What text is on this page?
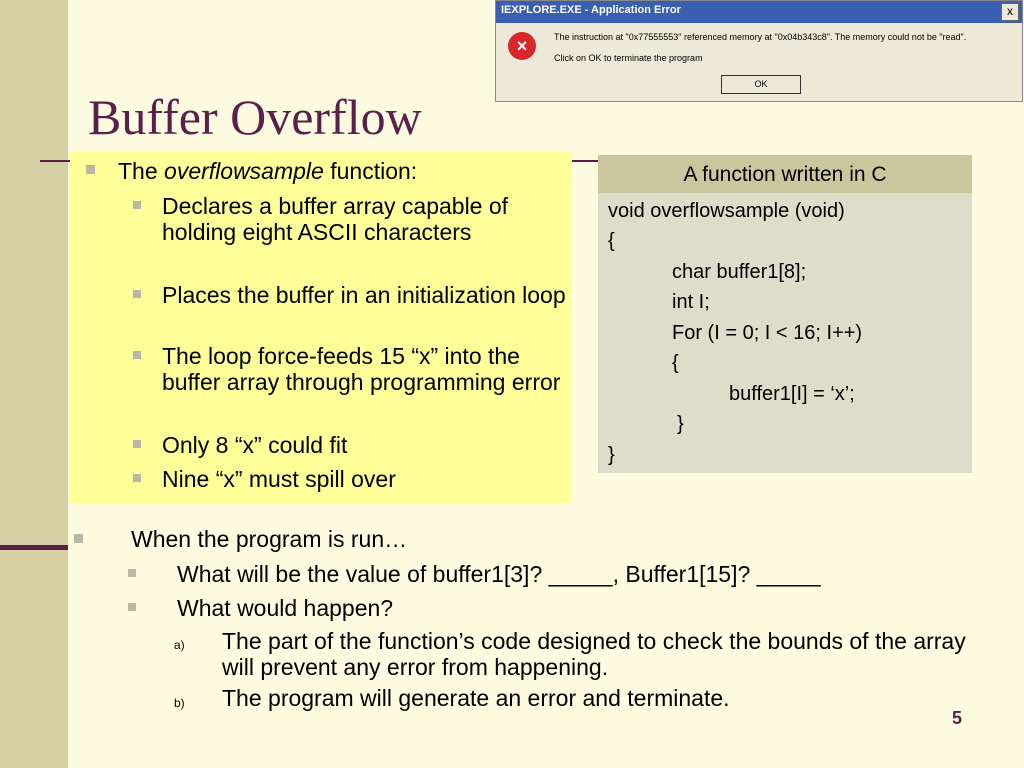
IEXPLORE.EXE - Application Error	x
×	The instruction at "0x77555553" referenced memory at "0x04b343c8". The memory could not be "read".
Click on OK to terminate the program
OK
Buffer Overflow
The overflowsample function:
Declares a buffer array capable of holding eight ASCII characters
Places the buffer in an initialization loop
The loop force-feeds 15 “x” into the buffer array through programming error
Only 8 “x” could fit
Nine “x” must spill over
A function written in C
void overflowsample (void)
{
char buffer1[8];
int I;
For (I = 0; I < 16; I++)
{
buffer1[I] = ‘x’;
}
}
When the program is run…
What will be the value of buffer1[3]? _____, Buffer1[15]? _____
What would happen?
a) The part of the function’s code designed to check the bounds of the array will prevent any error from happening.
b) The program will generate an error and terminate.
5
